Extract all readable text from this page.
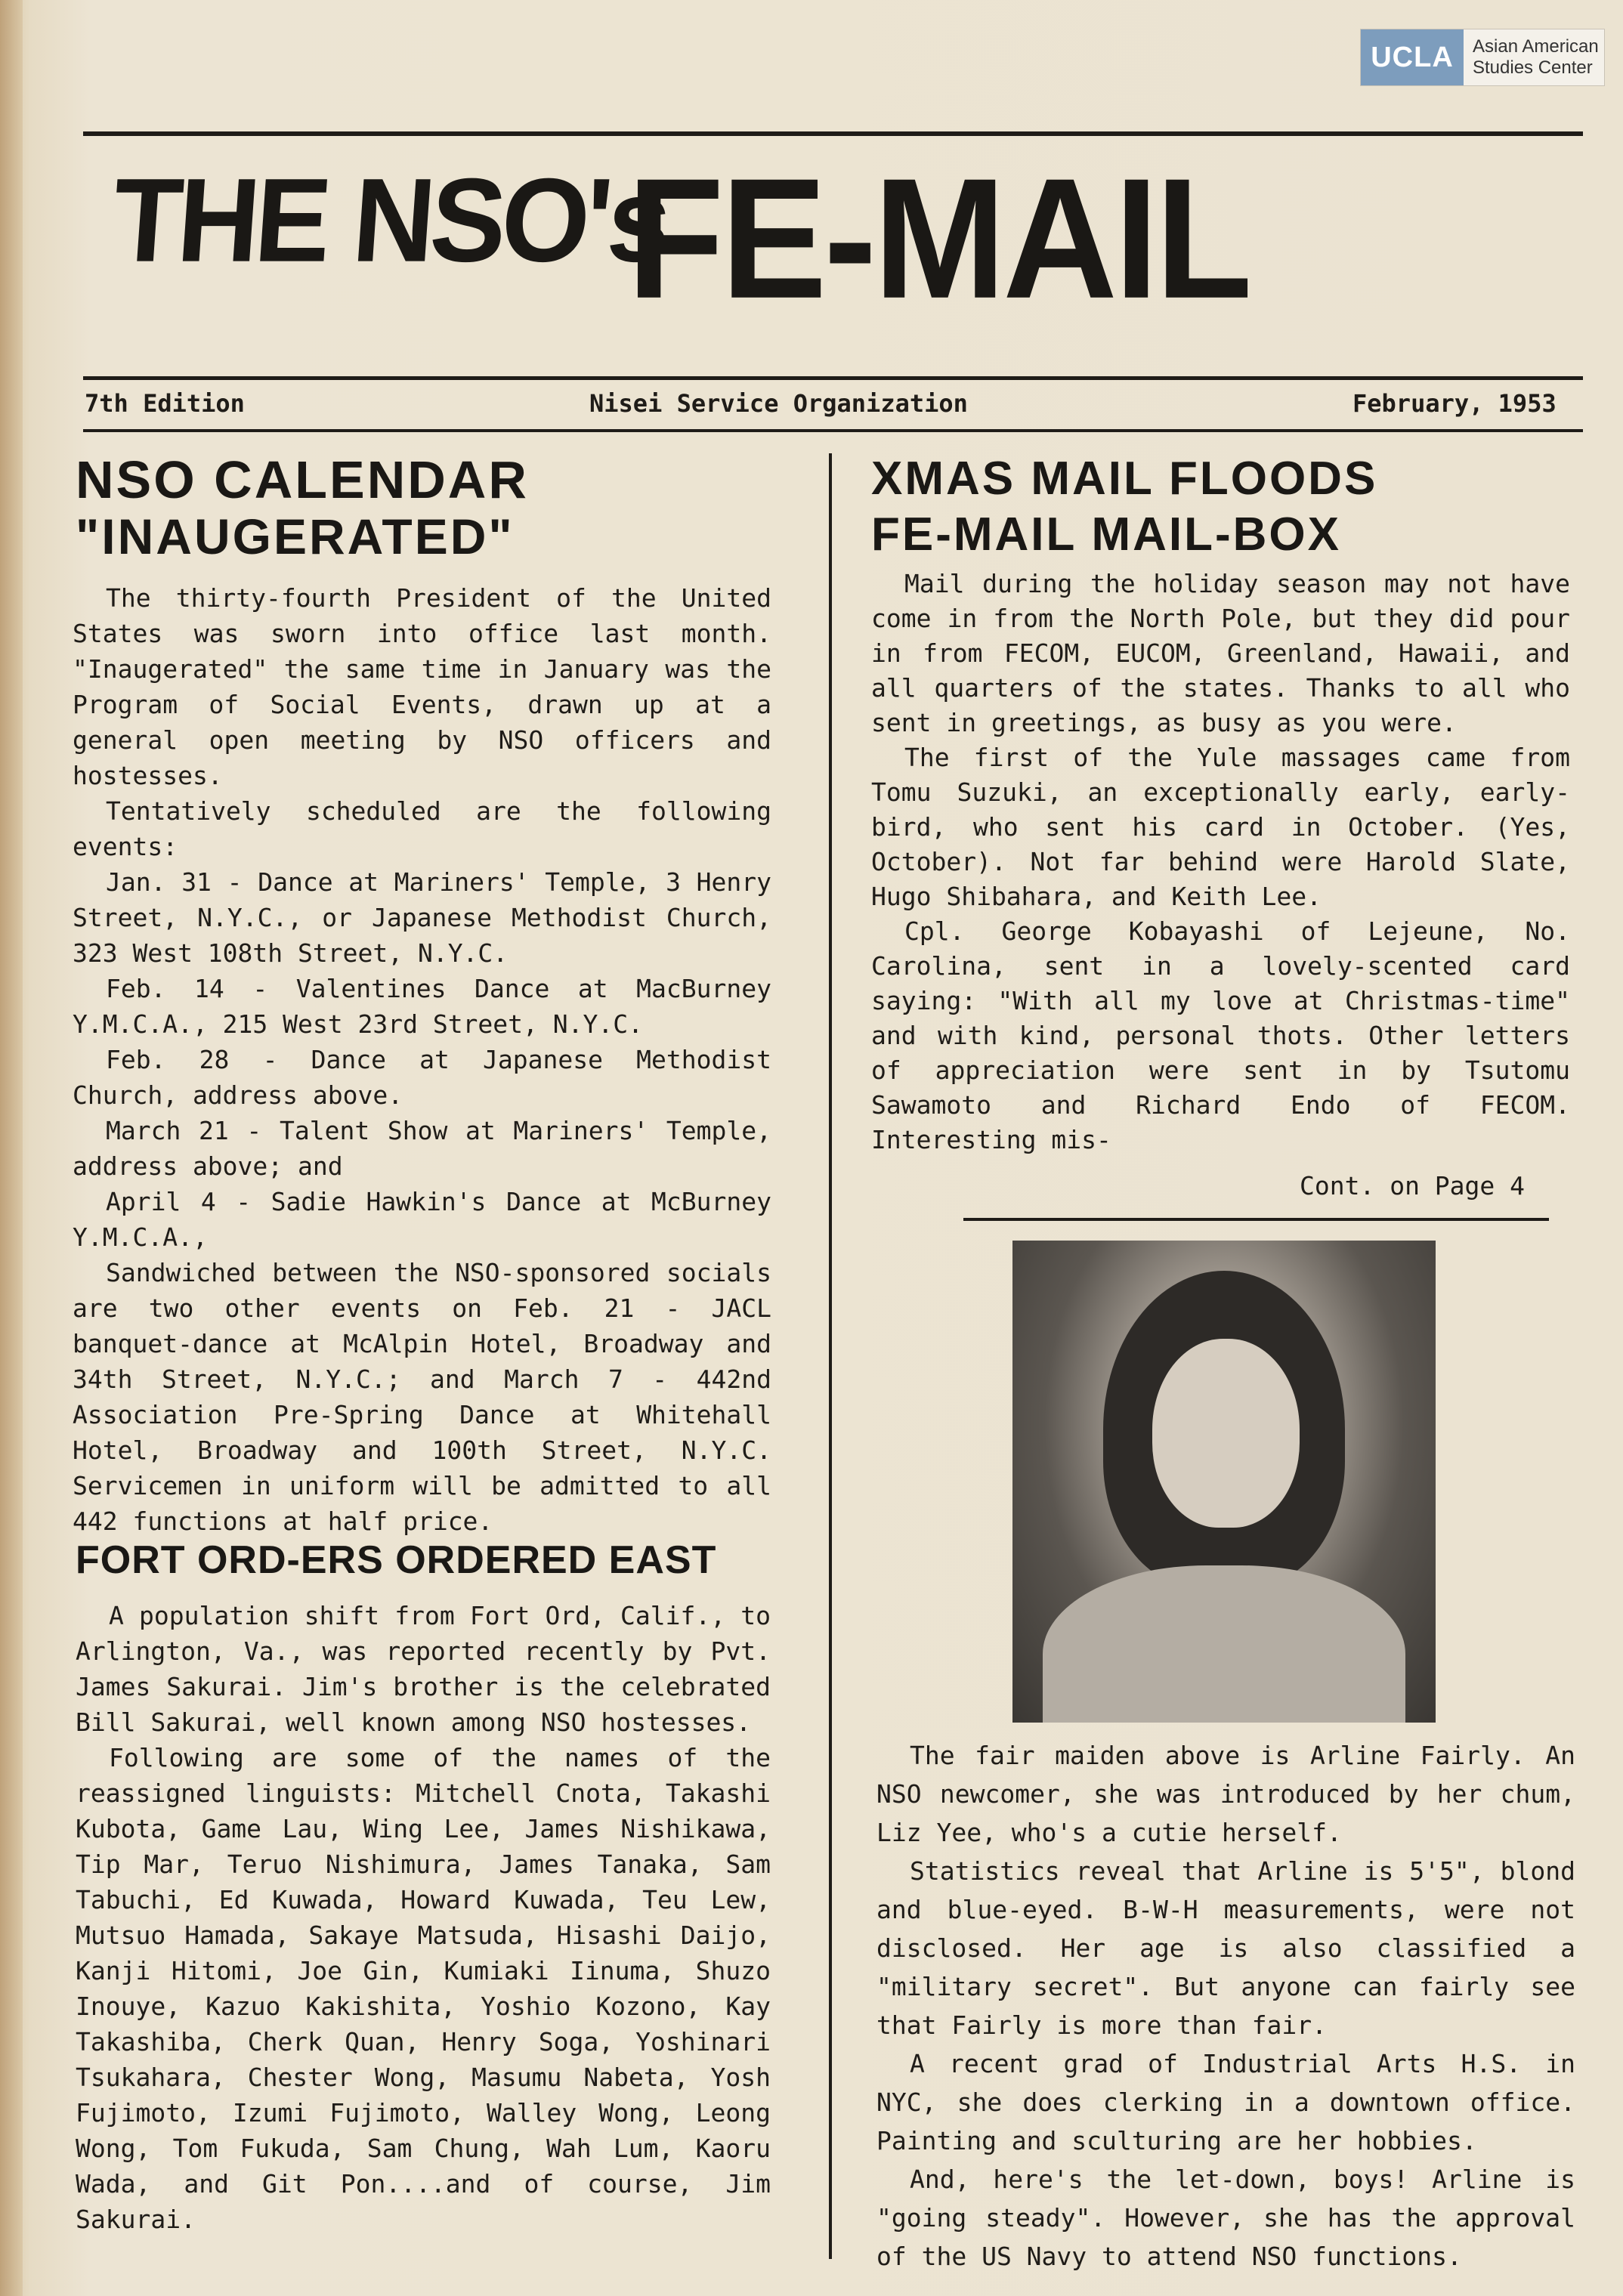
UCLA	Asian American
Studies Center
THE NSO's
FE-MAIL
7th Edition	Nisei Service Organization	February, 1953
NSO CALENDAR
"INAUGERATED"

The thirty-fourth President of the United States was sworn into office last month. "Inaugerated" the same time in January was the Program of Social Events, drawn up at a general open meeting by NSO officers and hostesses.

Tentatively scheduled are the following events:

Jan. 31 - Dance at Mariners' Temple, 3 Henry Street, N.Y.C., or Japanese Methodist Church, 323 West 108th Street, N.Y.C.

Feb. 14 - Valentines Dance at MacBurney Y.M.C.A., 215 West 23rd Street, N.Y.C.

Feb. 28 - Dance at Japanese Methodist Church, address above.

March 21 - Talent Show at Mariners' Temple, address above; and

April 4 - Sadie Hawkin's Dance at McBurney Y.M.C.A.,

Sandwiched between the NSO-sponsored socials are two other events on Feb. 21 - JACL banquet-dance at McAlpin Hotel, Broadway and 34th Street, N.Y.C.; and March 7 - 442nd Association Pre-Spring Dance at Whitehall Hotel, Broadway and 100th Street, N.Y.C. Servicemen in uniform will be admitted to all 442 functions at half price.

FORT ORD-ERS ORDERED EAST

A population shift from Fort Ord, Calif., to Arlington, Va., was reported recently by Pvt. James Sakurai. Jim's brother is the celebrated Bill Sakurai, well known among NSO hostesses.

Following are some of the names of the reassigned linguists: Mitchell Cnota, Takashi Kubota, Game Lau, Wing Lee, James Nishikawa, Tip Mar, Teruo Nishimura, James Tanaka, Sam Tabuchi, Ed Kuwada, Howard Kuwada, Teu Lew, Mutsuo Hamada, Sakaye Matsuda, Hisashi Daijo, Kanji Hitomi, Joe Gin, Kumiaki Iinuma, Shuzo Inouye, Kazuo Kakishita, Yoshio Kozono, Kay Takashiba, Cherk Quan, Henry Soga, Yoshinari Tsukahara, Chester Wong, Masumu Nabeta, Yosh Fujimoto, Izumi Fujimoto, Walley Wong, Leong Wong, Tom Fukuda, Sam Chung, Wah Lum, Kaoru Wada, and Git Pon....and of course, Jim Sakurai.

XMAS MAIL FLOODS
FE-MAIL MAIL-BOX

Mail during the holiday season may not have come in from the North Pole, but they did pour in from FECOM, EUCOM, Greenland, Hawaii, and all quarters of the states. Thanks to all who sent in greetings, as busy as you were.

The first of the Yule massages came from Tomu Suzuki, an exceptionally early, early-bird, who sent his card in October. (Yes, October). Not far behind were Harold Slate, Hugo Shibahara, and Keith Lee.

Cpl. George Kobayashi of Lejeune, No. Carolina, sent in a lovely-scented card saying: "With all my love at Christmas-time" and with kind, personal thots. Other letters of appreciation were sent in by Tsutomu Sawamoto and Richard Endo of FECOM. Interesting mis-

Cont. on Page 4

The fair maiden above is Arline Fairly. An NSO newcomer, she was introduced by her chum, Liz Yee, who's a cutie herself.

Statistics reveal that Arline is 5'5", blond and blue-eyed. B-W-H measurements, were not disclosed. Her age is also classified a "military secret". But anyone can fairly see that Fairly is more than fair.

A recent grad of Industrial Arts H.S. in NYC, she does clerking in a downtown office. Painting and sculturing are her hobbies.

And, here's the let-down, boys! Arline is "going steady". However, she has the approval of the US Navy to attend NSO functions.
